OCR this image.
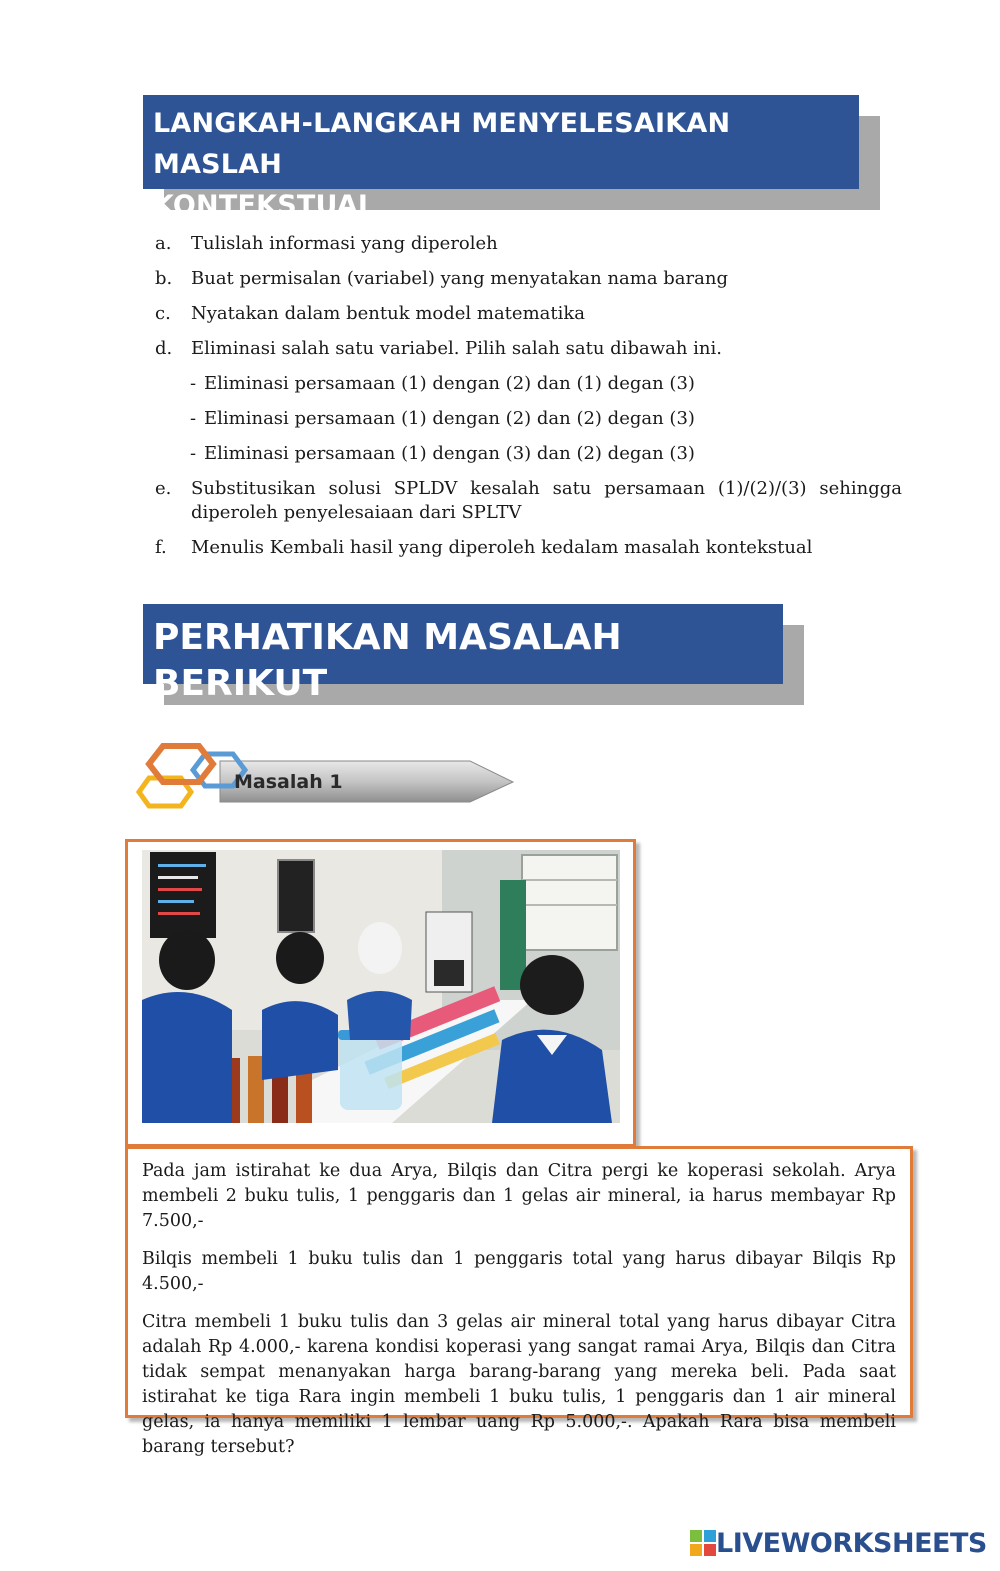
LANGKAH-LANGKAH MENYELESAIKAN MASLAH
KONTEKSTUAL
a. Tulislah informasi yang diperoleh
b. Buat permisalan (variabel) yang menyatakan nama barang
c. Nyatakan dalam bentuk model matematika
d. Eliminasi salah satu variabel. Pilih salah satu dibawah ini.
- Eliminasi persamaan (1) dengan (2) dan (1) degan (3)
- Eliminasi persamaan (1) dengan (2) dan (2) degan (3)
- Eliminasi persamaan (1) dengan (3) dan (2) degan (3)
e. Substitusikan solusi SPLDV kesalah satu persamaan (1)/(2)/(3) sehingga diperoleh penyelesaiaan dari SPLTV
f. Menulis Kembali hasil yang diperoleh kedalam masalah kontekstual
PERHATIKAN MASALAH BERIKUT
Masalah 1

Pada jam istirahat ke dua Arya, Bilqis dan Citra pergi ke koperasi sekolah. Arya membeli 2 buku tulis, 1 penggaris dan 1 gelas air mineral, ia harus membayar Rp 7.500,-

Bilqis membeli 1 buku tulis dan 1 penggaris total yang harus dibayar Bilqis Rp 4.500,-

Citra membeli 1 buku tulis dan 3 gelas air mineral total yang harus dibayar Citra adalah Rp 4.000,- karena kondisi koperasi yang sangat ramai Arya, Bilqis dan Citra tidak sempat menanyakan harga barang-barang yang mereka beli. Pada saat istirahat ke tiga Rara ingin membeli 1 buku tulis, 1 penggaris dan 1 air mineral gelas, ia hanya memiliki 1 lembar uang Rp 5.000,-. Apakah Rara bisa membeli barang tersebut?

LIVEWORKSHEETS
